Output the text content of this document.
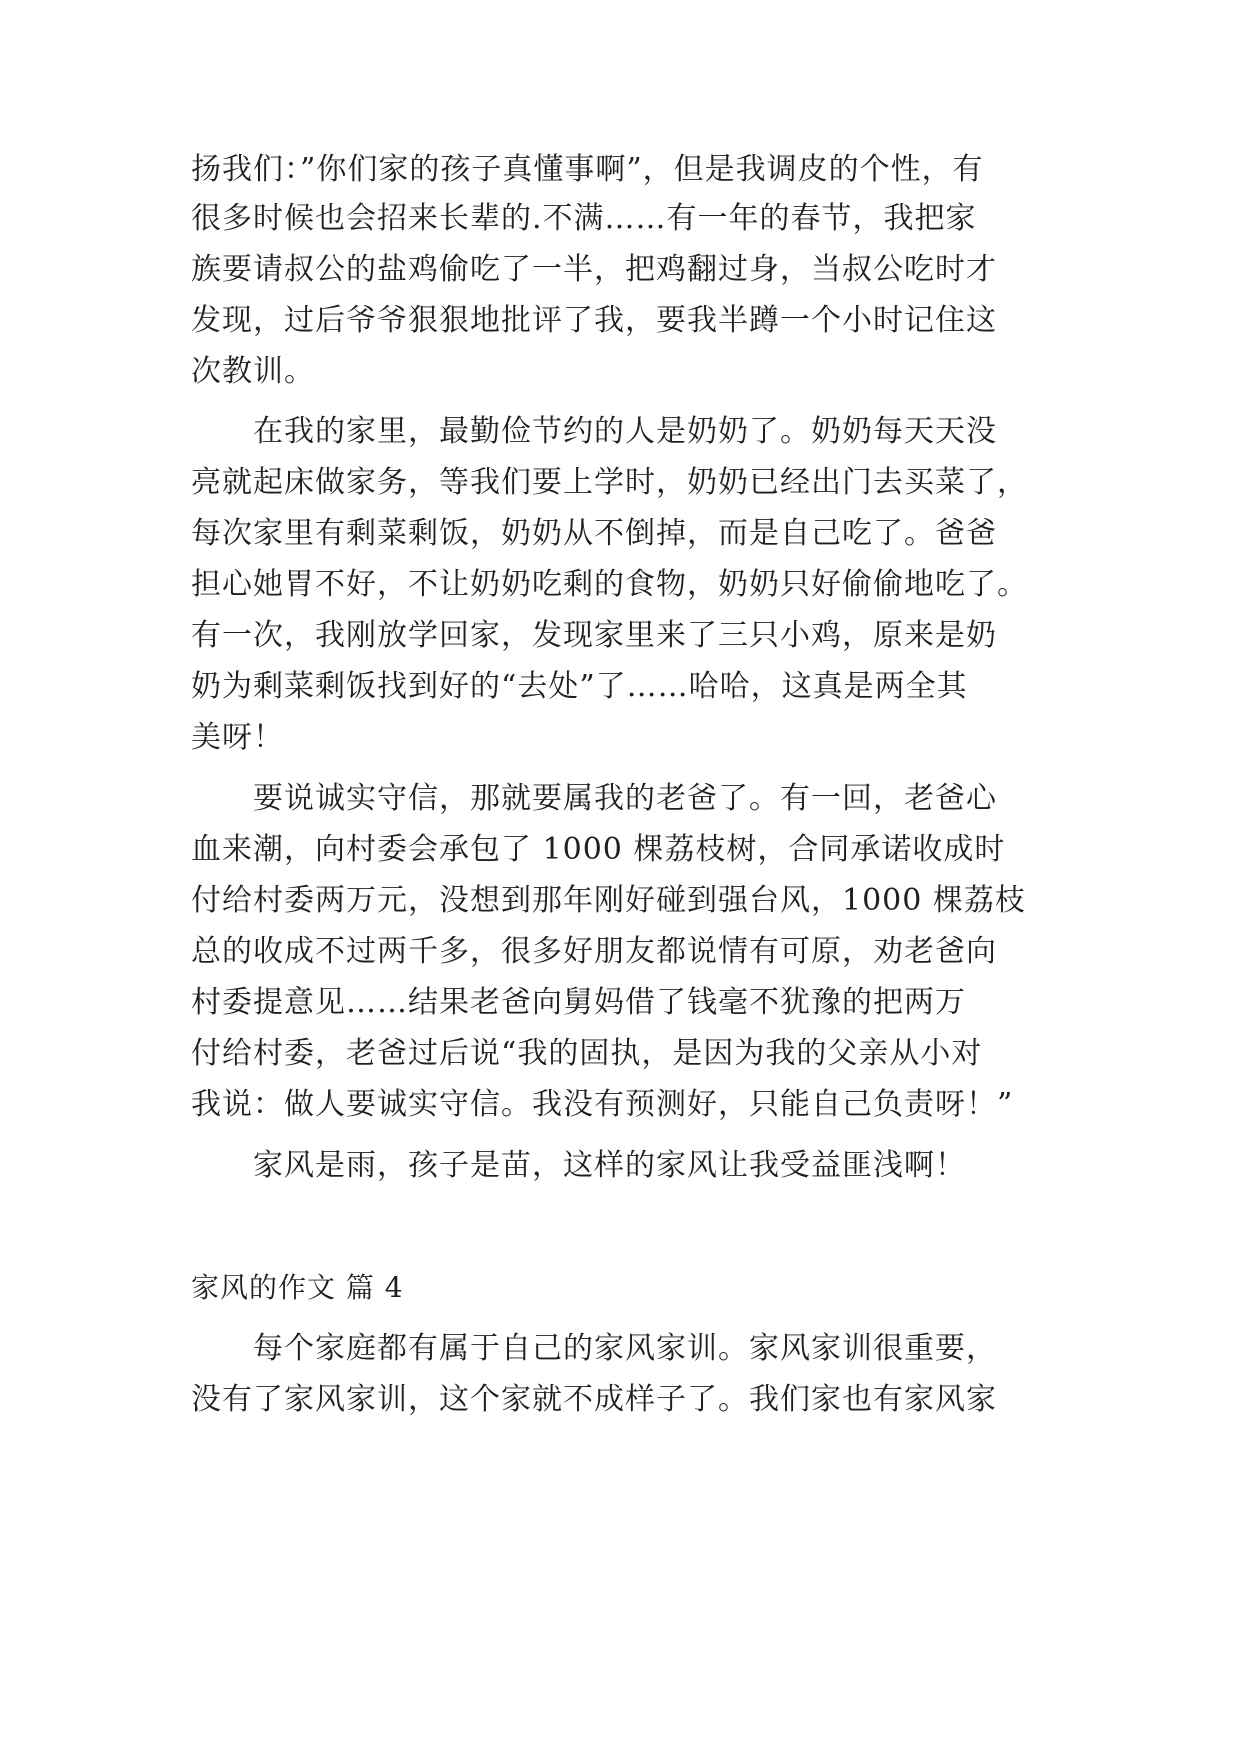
扬我们：”你们家的孩子真懂事啊”，但是我调皮的个性，有
很多时候也会招来长辈的.不满……有一年的春节，我把家
族要请叔公的盐鸡偷吃了一半，把鸡翻过身，当叔公吃时才
发现，过后爷爷狠狠地批评了我，要我半蹲一个小时记住这
次教训。
在我的家里，最勤俭节约的人是奶奶了。奶奶每天天没
亮就起床做家务，等我们要上学时，奶奶已经出门去买菜了，
每次家里有剩菜剩饭，奶奶从不倒掉，而是自己吃了。爸爸
担心她胃不好，不让奶奶吃剩的食物，奶奶只好偷偷地吃了。
有一次，我刚放学回家，发现家里来了三只小鸡，原来是奶
奶为剩菜剩饭找到好的“去处”了……哈哈，这真是两全其
美呀！
要说诚实守信，那就要属我的老爸了。有一回，老爸心
血来潮，向村委会承包了 1000 棵荔枝树，合同承诺收成时
付给村委两万元，没想到那年刚好碰到强台风，1000 棵荔枝
总的收成不过两千多，很多好朋友都说情有可原，劝老爸向
村委提意见……结果老爸向舅妈借了钱毫不犹豫的把两万
付给村委，老爸过后说“我的固执，是因为我的父亲从小对
我说：做人要诚实守信。我没有预测好，只能自己负责呀！”
家风是雨，孩子是苗，这样的家风让我受益匪浅啊！
家风的作文 篇 4
每个家庭都有属于自己的家风家训。家风家训很重要，
没有了家风家训，这个家就不成样子了。我们家也有家风家
